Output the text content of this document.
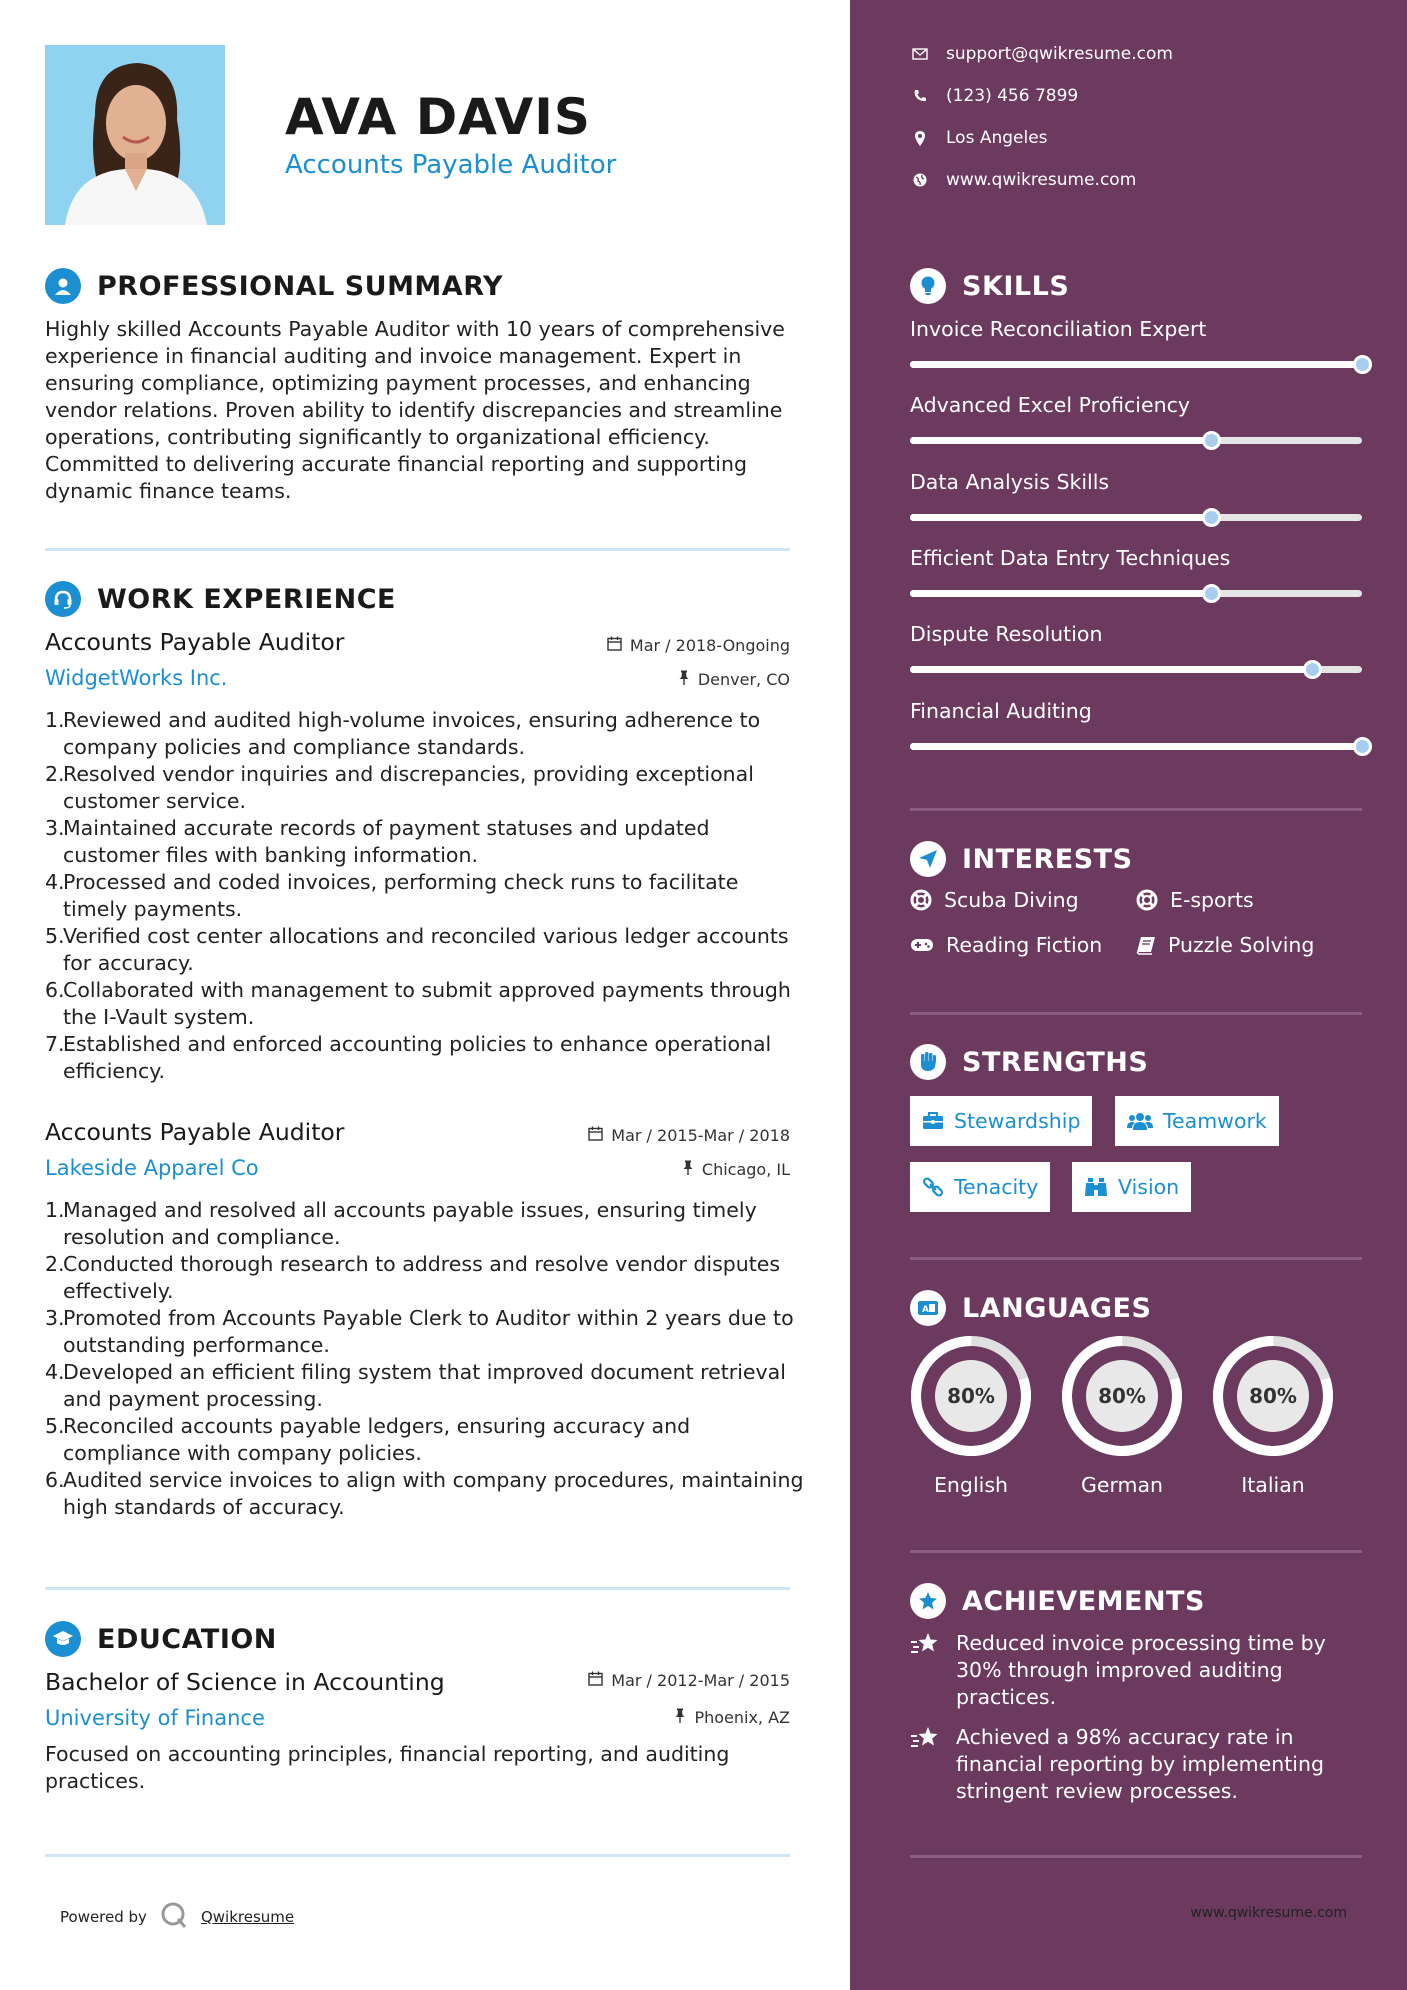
AVA DAVIS
Accounts Payable Auditor
PROFESSIONAL SUMMARY
Highly skilled Accounts Payable Auditor with 10 years of comprehensive experience in financial auditing and invoice management. Expert in ensuring compliance, optimizing payment processes, and enhancing vendor relations. Proven ability to identify discrepancies and streamline operations, contributing significantly to organizational efficiency. Committed to delivering accurate financial reporting and supporting dynamic finance teams.
WORK EXPERIENCE
Accounts Payable Auditor
WidgetWorks Inc.
Mar / 2018-Ongoing
Denver, CO
1.
Reviewed and audited high-volume invoices, ensuring adherence to company policies and compliance standards.
2.
Resolved vendor inquiries and discrepancies, providing exceptional customer service.
3.
Maintained accurate records of payment statuses and updated customer files with banking information.
4.
Processed and coded invoices, performing check runs to facilitate timely payments.
5.
Verified cost center allocations and reconciled various ledger accounts for accuracy.
6.
Collaborated with management to submit approved payments through the I-Vault system.
7.
Established and enforced accounting policies to enhance operational efficiency.
Accounts Payable Auditor
Lakeside Apparel Co
Mar / 2015-Mar / 2018
Chicago, IL
1.
Managed and resolved all accounts payable issues, ensuring timely resolution and compliance.
2.
Conducted thorough research to address and resolve vendor disputes effectively.
3.
Promoted from Accounts Payable Clerk to Auditor within 2 years due to outstanding performance.
4.
Developed an efficient filing system that improved document retrieval and payment processing.
5.
Reconciled accounts payable ledgers, ensuring accuracy and compliance with company policies.
6.
Audited service invoices to align with company procedures, maintaining high standards of accuracy.
EDUCATION
Bachelor of Science in Accounting
University of Finance
Mar / 2012-Mar / 2015
Phoenix, AZ
Focused on accounting principles, financial reporting, and auditing practices.
Powered by	Qwikresume
support@qwikresume.com
(123) 456 7899
Los Angeles
www.qwikresume.com
SKILLS
Invoice Reconciliation Expert
Advanced Excel Proficiency
Data Analysis Skills
Efficient Data Entry Techniques
Dispute Resolution
Financial Auditing
INTERESTS
Scuba Diving	E-sports
Reading Fiction	Puzzle Solving
STRENGTHS
Stewardship	Teamwork
Tenacity	Vision
A LANGUAGES
80%
English
80%
German
80%
Italian
ACHIEVEMENTS
Reduced invoice processing time by 30% through improved auditing practices.
Achieved a 98% accuracy rate in financial reporting by implementing stringent review processes.
www.qwikresume.com
